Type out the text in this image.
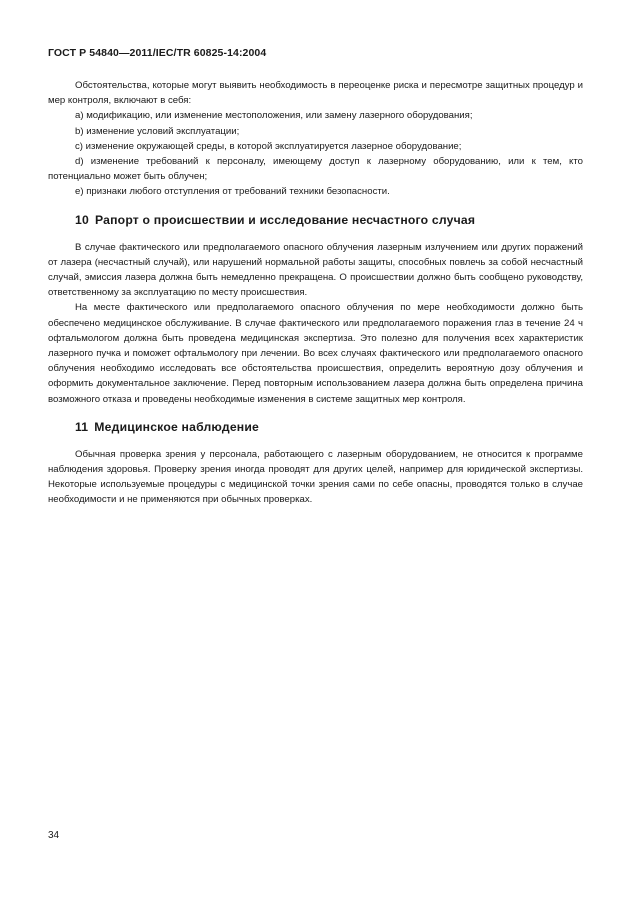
ГОСТ Р 54840—2011/IEC/TR 60825-14:2004

Обстоятельства, которые могут выявить необходимость в переоценке риска и пересмотре защитных процедур и мер контроля, включают в себя:

а) модификацию, или изменение местоположения, или замену лазерного оборудования;

b) изменение условий эксплуатации;

c) изменение окружающей среды, в которой эксплуатируется лазерное оборудование;

d) изменение требований к персоналу, имеющему доступ к лазерному оборудованию, или к тем, кто потенциально может быть облучен;

e) признаки любого отступления от требований техники безопасности.

10 Рапорт о происшествии и исследование несчастного случая

В случае фактического или предполагаемого опасного облучения лазерным излучением или других поражений от лазера (несчастный случай), или нарушений нормальной работы защиты, способных повлечь за собой несчастный случай, эмиссия лазера должна быть немедленно прекращена. О происшествии должно быть сообщено руководству, ответственному за эксплуатацию по месту происшествия.

На месте фактического или предполагаемого опасного облучения по мере необходимости должно быть обеспечено медицинское обслуживание. В случае фактического или предполагаемого поражения глаз в течение 24 ч офтальмологом должна быть проведена медицинская экспертиза. Это полезно для получения всех характеристик лазерного пучка и поможет офтальмологу при лечении. Во всех случаях фактического или предполагаемого опасного облучения необходимо исследовать все обстоятельства происшествия, определить вероятную дозу облучения и оформить документальное заключение. Перед повторным использованием лазера должна быть определена причина возможного отказа и проведены необходимые изменения в системе защитных мер контроля.

11 Медицинское наблюдение

Обычная проверка зрения у персонала, работающего с лазерным оборудованием, не относится к программе наблюдения здоровья. Проверку зрения иногда проводят для других целей, например для юридической экспертизы. Некоторые используемые процедуры с медицинской точки зрения сами по себе опасны, проводятся только в случае необходимости и не применяются при обычных проверках.

34
